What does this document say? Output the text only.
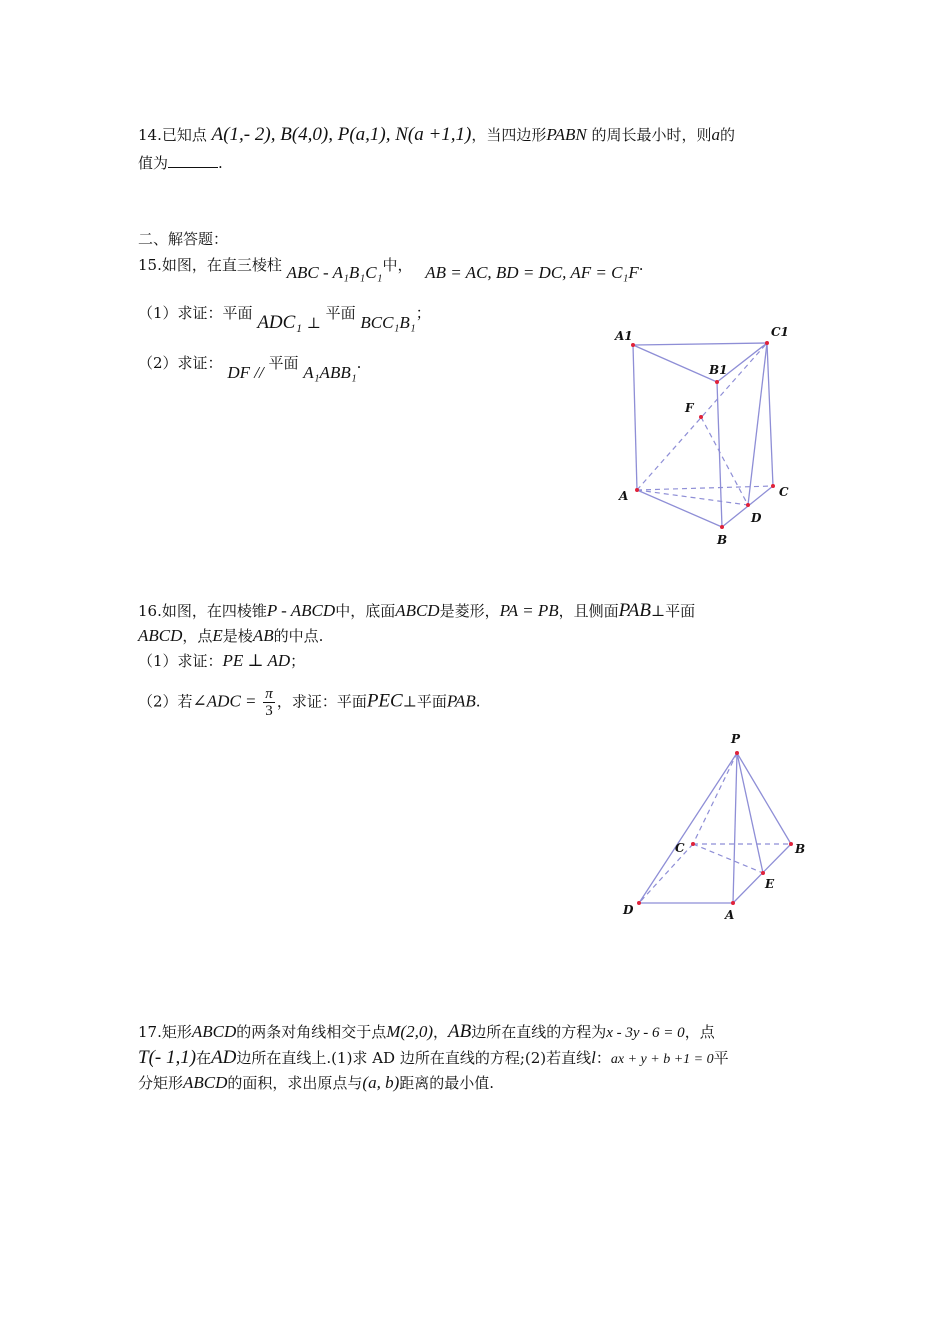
14.已知点 A(1,- 2), B(4,0), P(a,1), N(a +1,1)，当四边形PABN 的周长最小时，则a的
值为	.
二、解答题：
15.如图，在直三棱柱 ABC - A₁B₁C₁中， AB = AC, BD = DC, AF = C₁F.
（1）求证：平面 ADC₁ ⊥ 平面 BCC₁B₁；
（2）求证： DF // 平面 A₁ABB₁.
A1	C1
B1
F
A	C
D
B
16.如图，在四棱锥P - ABCD中，底面ABCD是菱形，PA = PB，且侧面PAB⊥平面
ABCD，点E是棱AB的中点.
（1）求证：PE ⊥ AD；
（2）若∠ADC = $\frac{\pi}{3}$ ，求证：平面PEC⊥平面PAB.
P
C	B
E
D	A
17.矩形ABCD的两条对角线相交于点M(2,0)，AB边所在直线的方程为x - 3y - 6 = 0，点
T(- 1,1)在AD边所在直线上.(1)求 AD 边所在直线的方程;(2)若直线l：ax + y + b +1 = 0平
分矩形ABCD的面积，求出原点与(a, b)距离的最小值.
